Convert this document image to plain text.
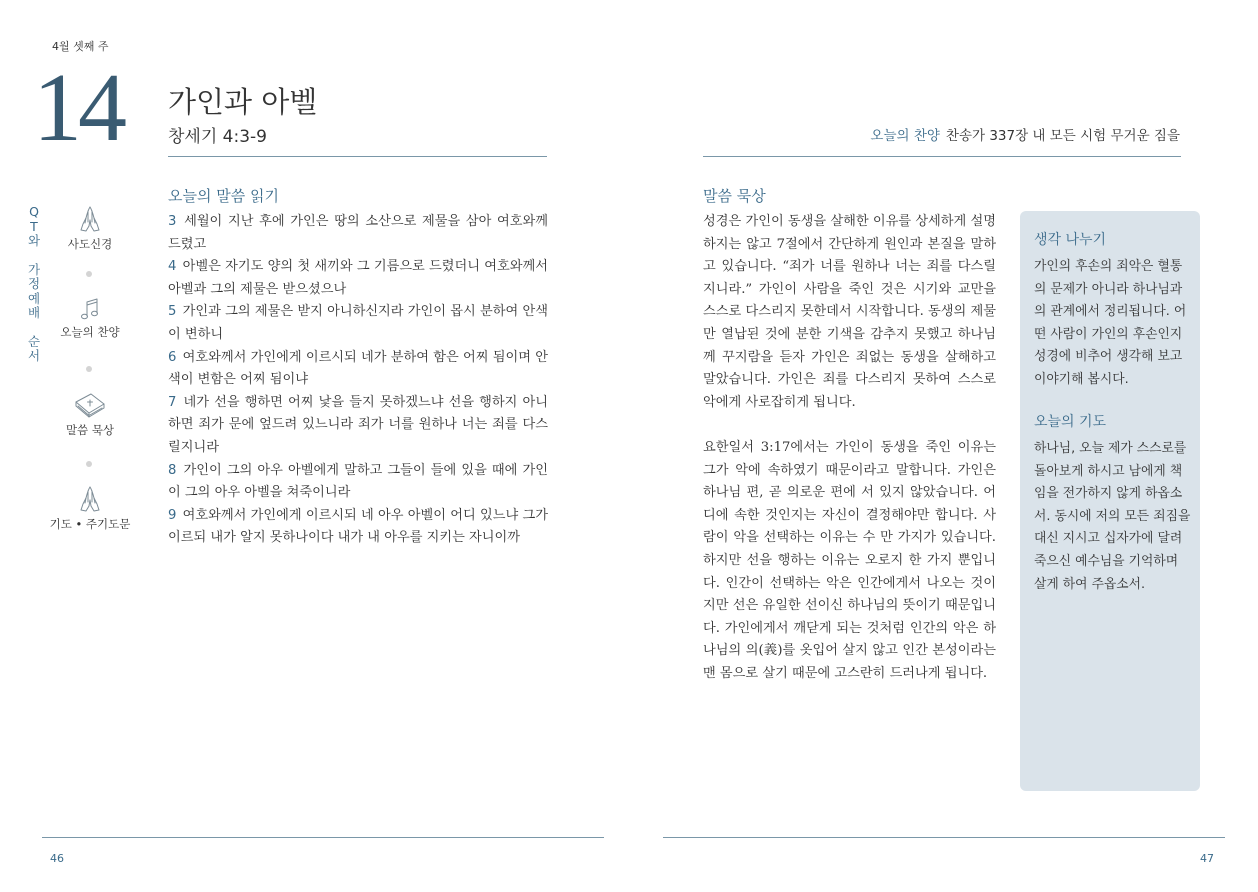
4월 셋째 주
14 가인과 아벨
창세기 4:3-9	오늘의 찬양 찬송가 337장 내 모든 시험 무거운 짐을
Q
T
와
가
정
예
배
순
서
사도신경
오늘의 찬양
말씀 묵상
기도 • 주기도문
오늘의 말씀 읽기

3 세월이 지난 후에 가인은 땅의 소산으로 제물을 삼아 여호와께 드렸고

4 아벨은 자기도 양의 첫 새끼와 그 기름으로 드렸더니 여호와께서 아벨과 그의 제물은 받으셨으나

5 가인과 그의 제물은 받지 아니하신지라 가인이 몹시 분하여 안색이 변하니

6 여호와께서 가인에게 이르시되 네가 분하여 함은 어찌 됨이며 안색이 변함은 어찌 됨이냐

7 네가 선을 행하면 어찌 낯을 들지 못하겠느냐 선을 행하지 아니하면 죄가 문에 엎드려 있느니라 죄가 너를 원하나 너는 죄를 다스릴지니라

8 가인이 그의 아우 아벨에게 말하고 그들이 들에 있을 때에 가인이 그의 아우 아벨을 쳐죽이니라

9 여호와께서 가인에게 이르시되 네 아우 아벨이 어디 있느냐 그가 이르되 내가 알지 못하나이다 내가 내 아우를 지키는 자니이까

말씀 묵상

성경은 가인이 동생을 살해한 이유를 상세하게 설명하지는 않고 7절에서 간단하게 원인과 본질을 말하고 있습니다. “죄가 너를 원하나 너는 죄를 다스릴지니라.” 가인이 사람을 죽인 것은 시기와 교만을 스스로 다스리지 못한데서 시작합니다. 동생의 제물만 열납된 것에 분한 기색을 감추지 못했고 하나님께 꾸지람을 듣자 가인은 죄없는 동생을 살해하고 말았습니다. 가인은 죄를 다스리지 못하여 스스로 악에게 사로잡히게 됩니다.

요한일서 3:17에서는 가인이 동생을 죽인 이유는 그가 악에 속하였기 때문이라고 말합니다. 가인은 하나님 편, 곧 의로운 편에 서 있지 않았습니다. 어디에 속한 것인지는 자신이 결정해야만 합니다. 사람이 악을 선택하는 이유는 수 만 가지가 있습니다. 하지만 선을 행하는 이유는 오로지 한 가지 뿐입니다. 인간이 선택하는 악은 인간에게서 나오는 것이지만 선은 유일한 선이신 하나님의 뜻이기 때문입니다. 가인에게서 깨닫게 되는 것처럼 인간의 악은 하나님의 의(義)를 옷입어 살지 않고 인간 본성이라는 맨 몸으로 살기 때문에 고스란히 드러나게 됩니다.

생각 나누기
가인의 후손의 죄악은 혈통
의 문제가 아니라 하나님과
의 관계에서 정리됩니다. 어
떤 사람이 가인의 후손인지
성경에 비추어 생각해 보고
이야기해 봅시다.
오늘의 기도
하나님, 오늘 제가 스스로를
돌아보게 하시고 남에게 책
임을 전가하지 않게 하옵소
서. 동시에 저의 모든 죄짐을
대신 지시고 십자가에 달려
죽으신 예수님을 기억하며
살게 하여 주옵소서.
46	47
